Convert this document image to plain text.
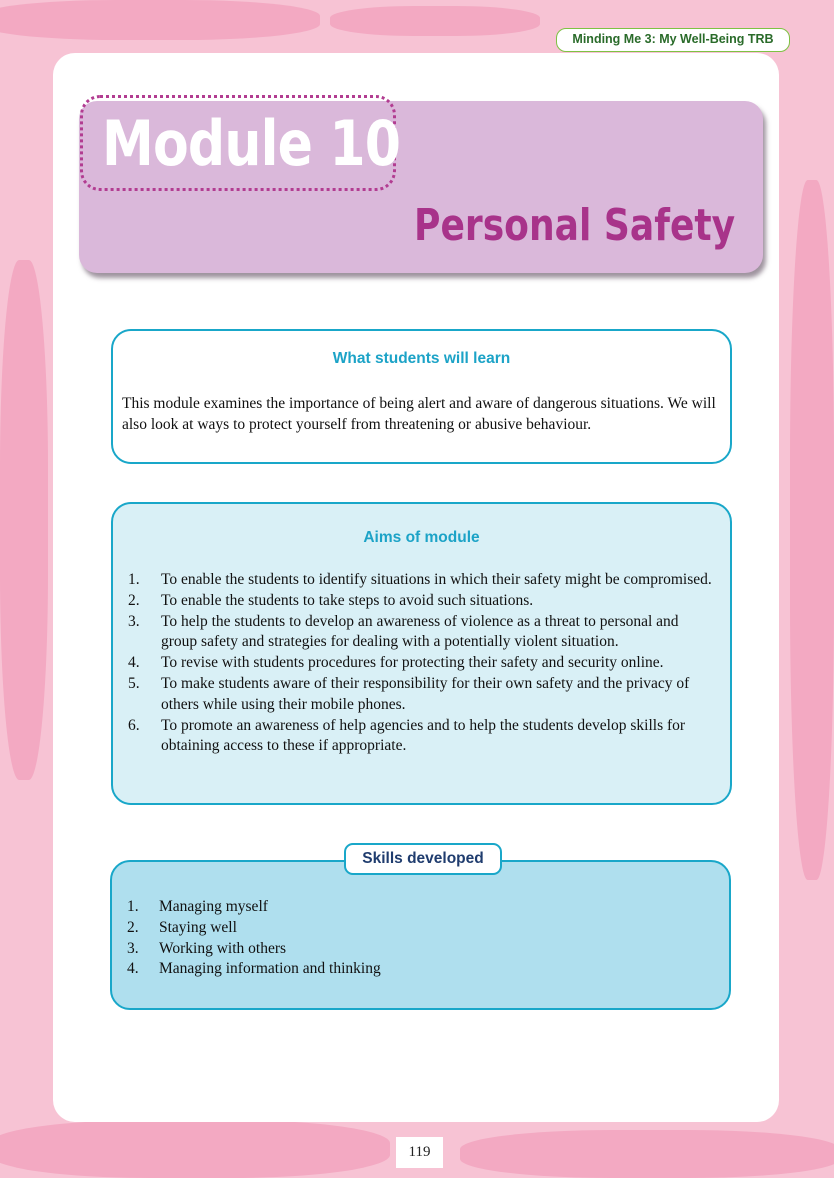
Minding Me 3: My Well-Being TRB
Module 10
Personal Safety
What students will learn

This module examines the importance of being alert and aware of dangerous situations. We will also look at ways to protect yourself from threatening or abusive behaviour.

Aims of module
1. To enable the students to identify situations in which their safety might be compromised.
2. To enable the students to take steps to avoid such situations.
3. To help the students to develop an awareness of violence as a threat to personal and group safety and strategies for dealing with a potentially violent situation.
4. To revise with students procedures for protecting their safety and security online.
5. To make students aware of their responsibility for their own safety and the privacy of others while using their mobile phones.
6. To promote an awareness of help agencies and to help the students develop skills for obtaining access to these if appropriate.
1. Managing myself
2. Staying well
3. Working with others
4. Managing information and thinking
Skills developed
119
